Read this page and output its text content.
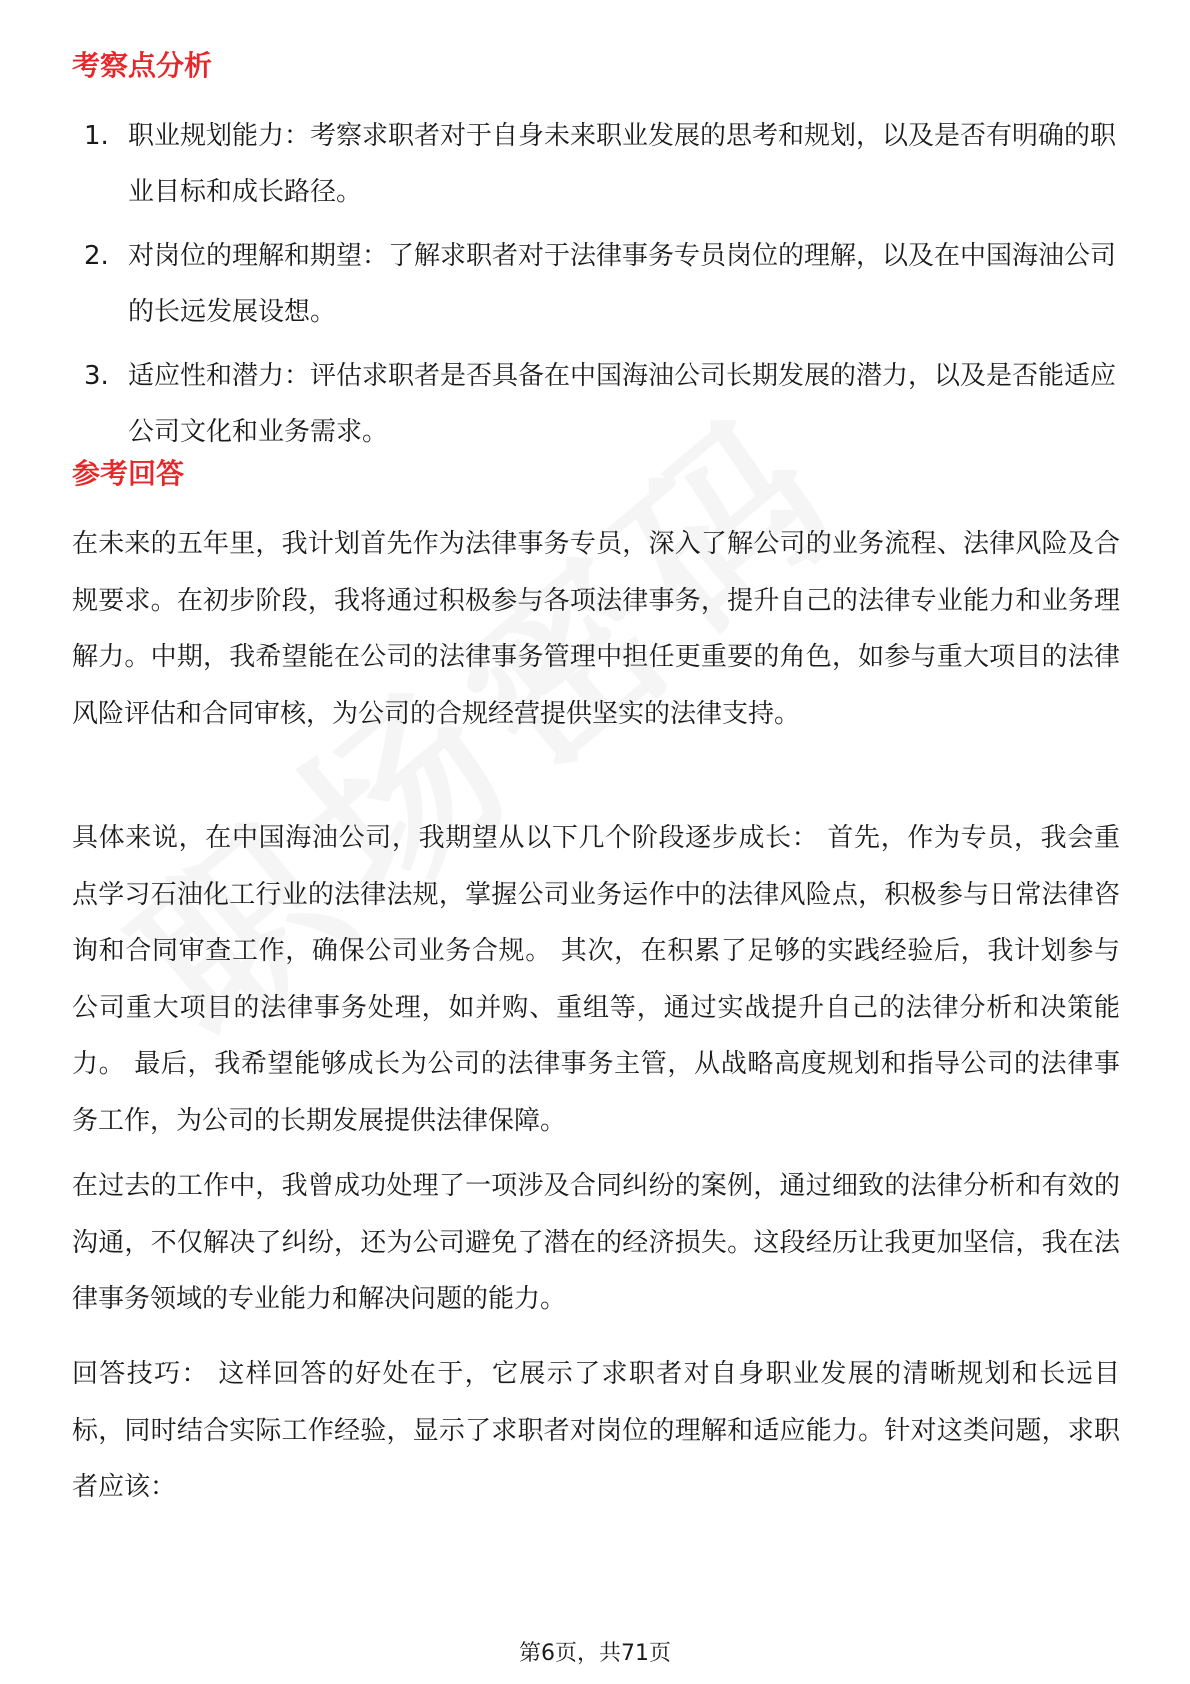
考察点分析
1. 职业规划能力：考察求职者对于自身未来职业发展的思考和规划，以及是否有明确的职业目标和成长路径。
2. 对岗位的理解和期望：了解求职者对于法律事务专员岗位的理解，以及在中国海油公司的长远发展设想。
3. 适应性和潜力：评估求职者是否具备在中国海油公司长期发展的潜力，以及是否能适应公司文化和业务需求。
参考回答

在未来的五年里，我计划首先作为法律事务专员，深入了解公司的业务流程、法律风险及合规要求。在初步阶段，我将通过积极参与各项法律事务，提升自己的法律专业能力和业务理解力。中期，我希望能在公司的法律事务管理中担任更重要的角色，如参与重大项目的法律风险评估和合同审核，为公司的合规经营提供坚实的法律支持。

具体来说，在中国海油公司，我期望从以下几个阶段逐步成长： 首先，作为专员，我会重点学习石油化工行业的法律法规，掌握公司业务运作中的法律风险点，积极参与日常法律咨询和合同审查工作，确保公司业务合规。 其次，在积累了足够的实践经验后，我计划参与公司重大项目的法律事务处理，如并购、重组等，通过实战提升自己的法律分析和决策能力。 最后，我希望能够成长为公司的法律事务主管，从战略高度规划和指导公司的法律事务工作，为公司的长期发展提供法律保障。

在过去的工作中，我曾成功处理了一项涉及合同纠纷的案例，通过细致的法律分析和有效的沟通，不仅解决了纠纷，还为公司避免了潜在的经济损失。这段经历让我更加坚信，我在法律事务领域的专业能力和解决问题的能力。

回答技巧： 这样回答的好处在于，它展示了求职者对自身职业发展的清晰规划和长远目标，同时结合实际工作经验，显示了求职者对岗位的理解和适应能力。针对这类问题，求职者应该：

第6页，共71页
